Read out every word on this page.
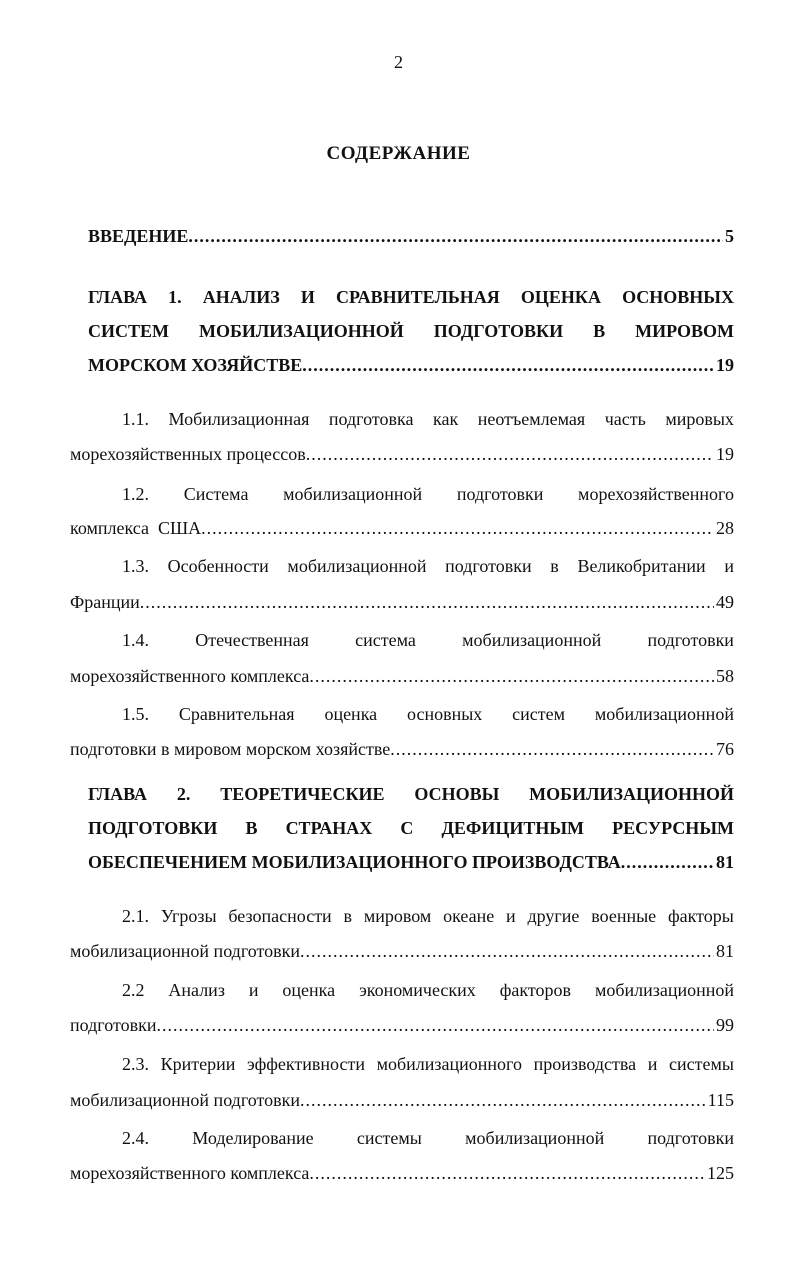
2
СОДЕРЖАНИЕ
ВВЕДЕНИЕ .....	5
ГЛАВА 1. АНАЛИЗ И СРАВНИТЕЛЬНАЯ ОЦЕНКА ОСНОВНЫХ
СИСТЕМ МОБИЛИЗАЦИОННОЙ ПОДГОТОВКИ В МИРОВОМ
МОРСКОМ ХОЗЯЙСТВЕ .....	19
1.1. Мобилизационная подготовка как неотъемлемая часть мировых
морехозяйственных процессов .....	19
1.2. Система мобилизационной подготовки морехозяйственного
комплекса  США .....	28
1.3. Особенности мобилизационной подготовки в Великобритании и
Франции .....	49
1.4.	Отечественная	система	мобилизационной	подготовки
морехозяйственного комплекса .....	58
1.5. Сравнительная оценка основных систем мобилизационной
подготовки в мировом морском хозяйстве .....	76
ГЛАВА 2. ТЕОРЕТИЧЕСКИЕ ОСНОВЫ МОБИЛИЗАЦИОННОЙ
ПОДГОТОВКИ В СТРАНАХ С ДЕФИЦИТНЫМ РЕСУРСНЫМ
ОБЕСПЕЧЕНИЕМ МОБИЛИЗАЦИОННОГО ПРОИЗВОДСТВА .....	81
2.1. Угрозы безопасности в мировом океане и другие военные факторы
мобилизационной подготовки .....	81
2.2 Анализ и оценка экономических факторов мобилизационной
подготовки .....	99
2.3. Критерии эффективности мобилизационного производства и системы
мобилизационной подготовки .....	115
2.4. Моделирование системы мобилизационной подготовки
морехозяйственного комплекса .....	125
